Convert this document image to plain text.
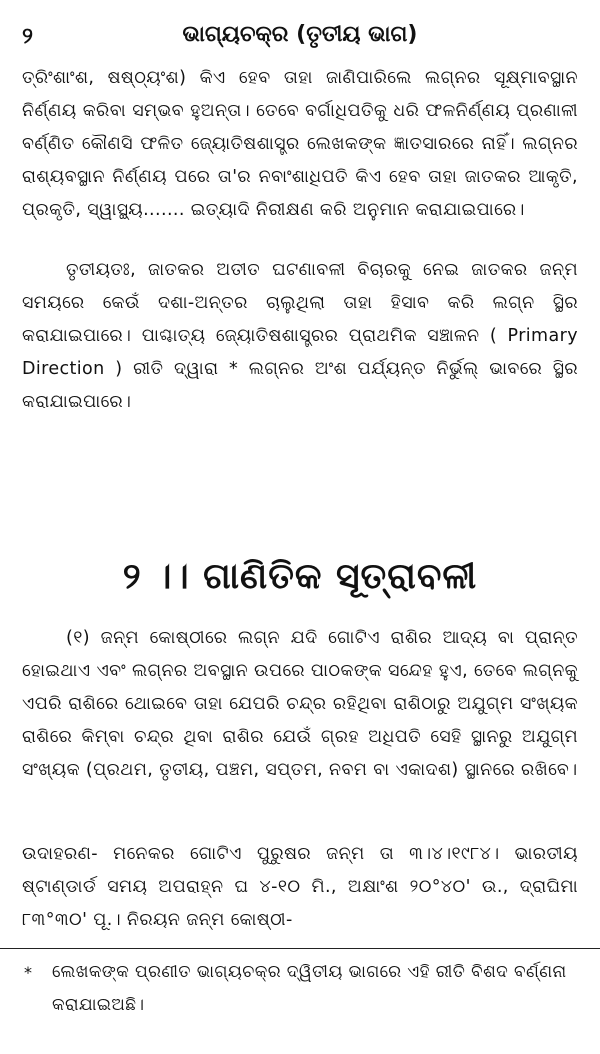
୨	ଭାଗ୍ୟଚକ୍ର (ତୃତୀୟ ଭାଗ)

ତ୍ରିଂଶାଂଶ, ଷଷ୍ଠ୍ୟଂଶ) କିଏ ହେବ ତାହା ଜାଣିପାରିଲେ ଲଗ୍ନର ସୂକ୍ଷ୍ମାବସ୍ଥାନ ନିର୍ଣ୍ଣୟ କରିବା ସମ୍ଭବ ହୁଅନ୍ତା। ତେବେ ବର୍ଗାଧିପତିକୁ ଧରି ଫଳନିର୍ଣ୍ଣୟ ପ୍ରଣାଳୀ ବର୍ଣ୍ଣିତ କୌଣସି ଫଳିତ ଜ୍ୟୋତିଷଶାସ୍ତ୍ର ଲେଖକଙ୍କ ଜ୍ଞାତସାରରେ ନାହିଁ। ଲଗ୍ନର ରାଶ୍ୟବସ୍ଥାନ ନିର୍ଣ୍ଣୟ ପରେ ତା'ର ନବାଂଶାଧିପତି କିଏ ହେବ ତାହା ଜାତକର ଆକୃତି, ପ୍ରକୃତି, ସ୍ୱାସ୍ଥ୍ୟ....... ଇତ୍ୟାଦି ନିରୀକ୍ଷଣ କରି ଅନୁମାନ କରାଯାଇପାରେ।

ତୃତୀୟତଃ, ଜାତକର ଅତୀତ ଘଟଣାବଳୀ ବିଚାରକୁ ନେଇ ଜାତକର ଜନ୍ମ ସମୟରେ କେଉଁ ଦଶା-ଅନ୍ତର ଚାଲୁଥିଲା ତାହା ହିସାବ କରି ଲଗ୍ନ ସ୍ଥିର କରାଯାଇପାରେ। ପାଶ୍ଚାତ୍ୟ ଜ୍ୟୋତିଷଶାସ୍ତ୍ରର ପ୍ରାଥମିକ ସଞ୍ଚାଳନ ( Primary Direction ) ରୀତି ଦ୍ୱାରା * ଲଗ୍ନର ଅଂଶ ପର୍ଯ୍ୟନ୍ତ ନିର୍ଭୁଲ୍ ଭାବରେ ସ୍ଥିର କରାଯାଇପାରେ।

୨ ।। ଗାଣିତିକ ସୂତ୍ରାବଳୀ

(୧) ଜନ୍ମ କୋଷ୍ଠୀରେ ଲଗ୍ନ ଯଦି ଗୋଟିଏ ରାଶିର ଆଦ୍ୟ ବା ପ୍ରାନ୍ତ ହୋଇଥାଏ ଏବଂ ଲଗ୍ନର ଅବସ୍ଥାନ ଉପରେ ପାଠକଙ୍କ ସନ୍ଦେହ ହୁଏ, ତେବେ ଲଗ୍ନକୁ ଏପରି ରାଶିରେ ଥୋଇବେ ତାହା ଯେପରି ଚନ୍ଦ୍ର ରହିଥିବା ରାଶିଠାରୁ ଅଯୁଗ୍ମ ସଂଖ୍ୟକ ରାଶିରେ କିମ୍ବା ଚନ୍ଦ୍ର ଥିବା ରାଶିର ଯେଉଁ ଗ୍ରହ ଅଧିପତି ସେହି ସ୍ଥାନରୁ ଅଯୁଗ୍ମ ସଂଖ୍ୟକ (ପ୍ରଥମ, ତୃତୀୟ, ପଞ୍ଚମ, ସପ୍ତମ, ନବମ ବା ଏକାଦଶ) ସ୍ଥାନରେ ରଖିବେ।

ଉଦାହରଣ- ମନେକର ଗୋଟିଏ ପୁରୁଷର ଜନ୍ମ ତା ୩।୪।୧୯୮୪। ଭାରତୀୟ ଷ୍ଟାଣ୍ଡାର୍ଡ ସମୟ ଅପରାହ୍ନ ଘ ୪-୧୦ ମି., ଅକ୍ଷାଂଶ ୨୦°୪୦' ଉ., ଦ୍ରାଘିମା ୮୩°୩୦' ପୂ.। ନିରୟନ ଜନ୍ମ କୋଷ୍ଠୀ-

*	ଲେଖକଙ୍କ ପ୍ରଣୀତ ଭାଗ୍ୟଚକ୍ର ଦ୍ୱିତୀୟ ଭାଗରେ ଏହି ରୀତି ବିଶଦ ବର୍ଣ୍ଣନା କରାଯାଇଅଛି।
